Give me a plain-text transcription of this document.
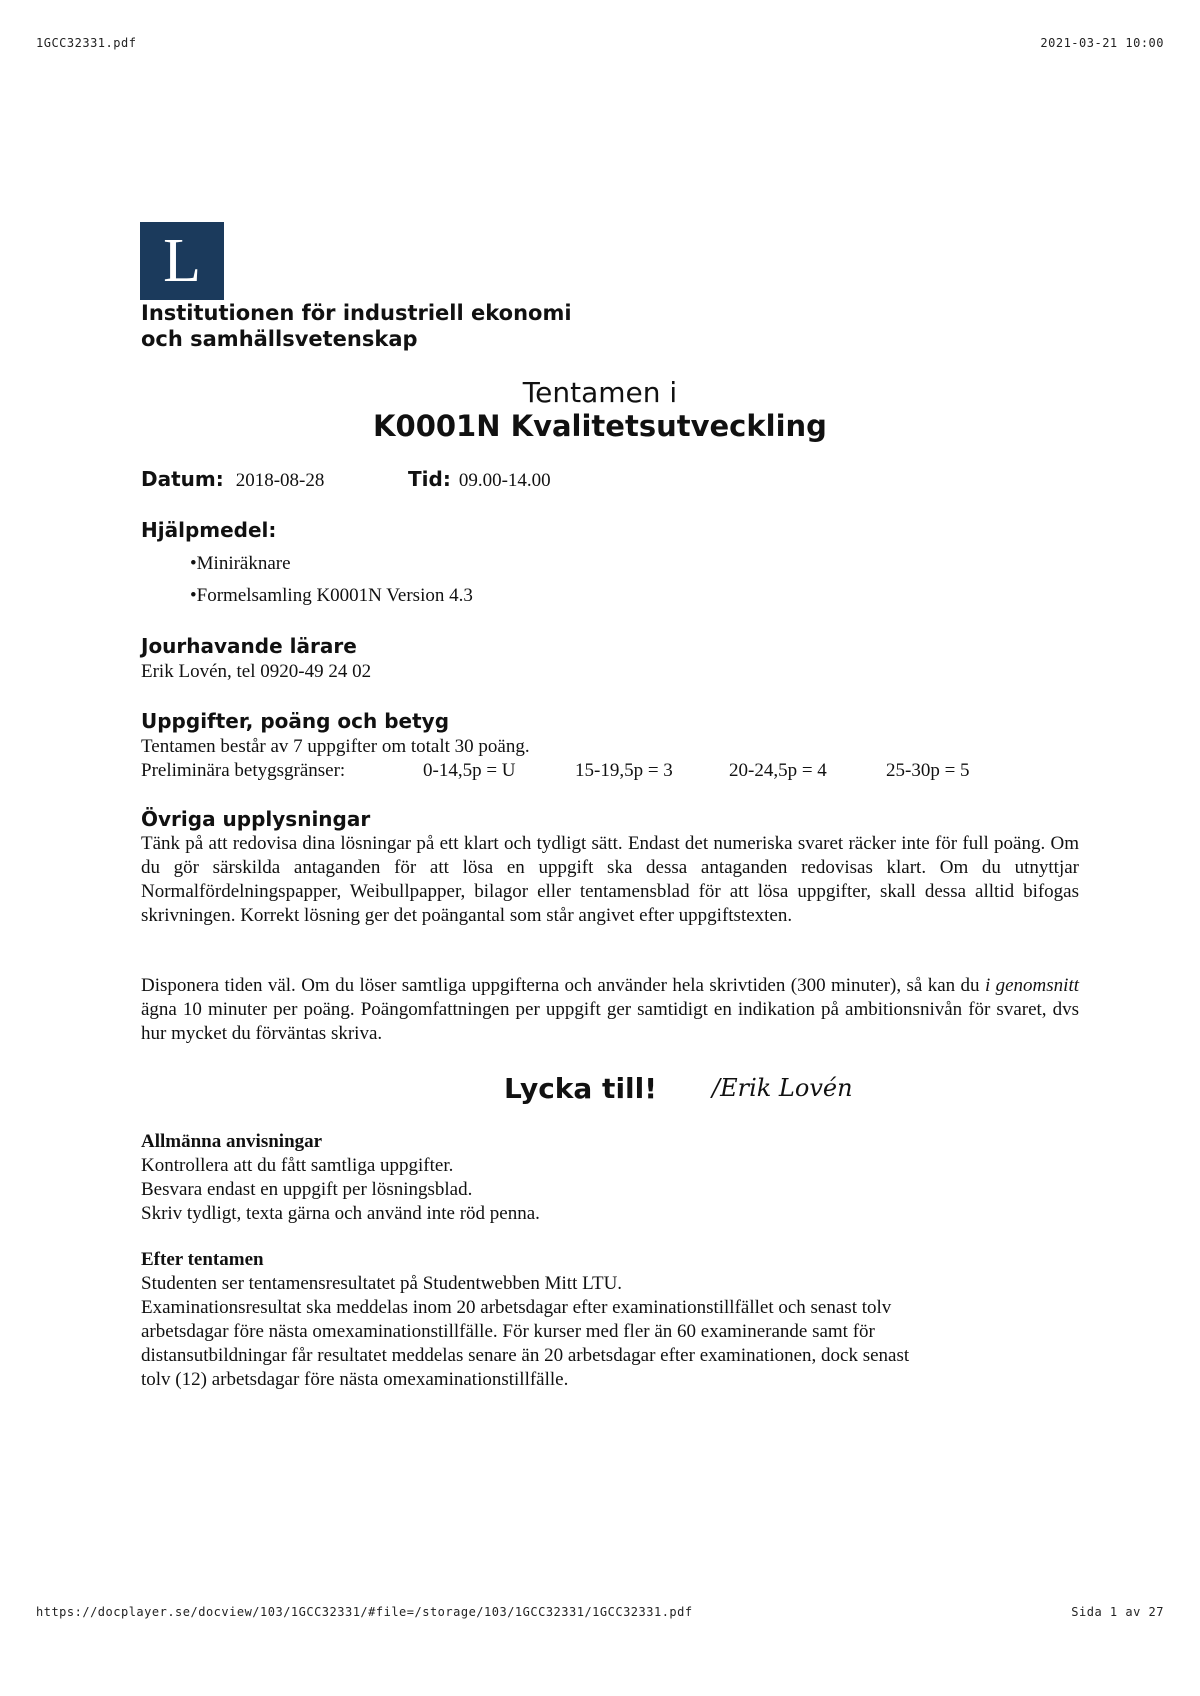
1GCC32331.pdf	2021-03-21 10:00
L
Institutionen för industriell ekonomi
och samhällsvetenskap
Tentamen i
K0001N Kvalitetsutveckling
Datum: 2018-08-28	Tid: 09.00-14.00
Hjälpmedel:
• Miniräknare
• Formelsamling K0001N Version 4.3
Jourhavande lärare
Erik Lovén, tel 0920-49 24 02
Uppgifter, poäng och betyg
Tentamen består av 7 uppgifter om totalt 30 poäng.
Preliminära betygsgränser:	0-14,5p = U	15-19,5p = 3	20-24,5p = 4	25-30p = 5
Övriga upplysningar
Tänk på att redovisa dina lösningar på ett klart och tydligt sätt. Endast det numeriska svaret räcker inte för full poäng. Om du gör särskilda antaganden för att lösa en uppgift ska dessa antaganden redovisas klart. Om du utnyttjar Normalfördelningspapper, Weibullpapper, bilagor eller tentamensblad för att lösa uppgifter, skall dessa alltid bifogas skrivningen. Korrekt lösning ger det poängantal som står angivet efter uppgiftstexten.
Disponera tiden väl. Om du löser samtliga uppgifterna och använder hela skrivtiden (300 minuter), så kan du i genomsnitt ägna 10 minuter per poäng. Poängomfattningen per uppgift ger samtidigt en indikation på ambitionsnivån för svaret, dvs hur mycket du förväntas skriva.
Lycka till! /Erik Lovén
Allmänna anvisningar
Kontrollera att du fått samtliga uppgifter.
Besvara endast en uppgift per lösningsblad.
Skriv tydligt, texta gärna och använd inte röd penna.
Efter tentamen
Studenten ser tentamensresultatet på Studentwebben Mitt LTU.
Examinationsresultat ska meddelas inom 20 arbetsdagar efter examinationstillfället och senast tolv
arbetsdagar före nästa omexaminationstillfälle. För kurser med fler än 60 examinerande samt för
distansutbildningar får resultatet meddelas senare än 20 arbetsdagar efter examinationen, dock senast
tolv (12) arbetsdagar före nästa omexaminationstillfälle.
https://docplayer.se/docview/103/1GCC32331/#file=/storage/103/1GCC32331/1GCC32331.pdf	Sida 1 av 27
